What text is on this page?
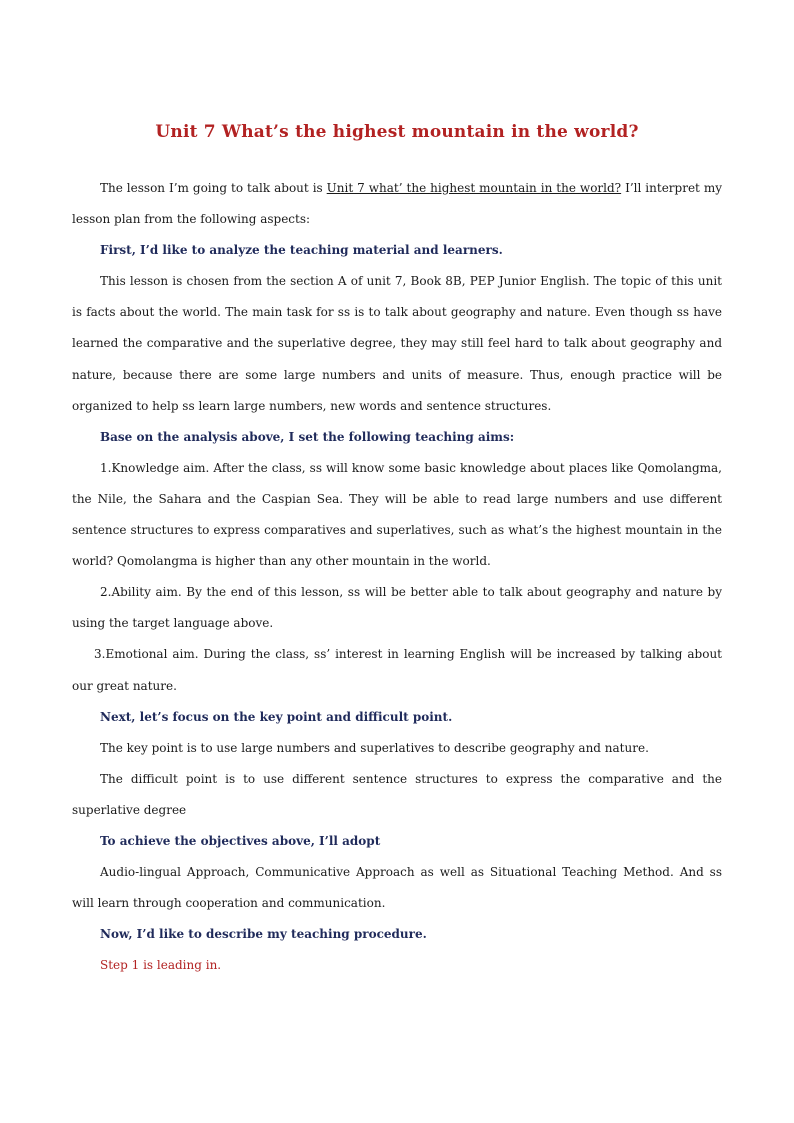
Unit 7 What’s the highest mountain in the world?

The lesson I’m going to talk about is Unit 7 what’ the highest mountain in the world? I’ll interpret my lesson plan from the following aspects:

First, I’d like to analyze the teaching material and learners.

This lesson is chosen from the section A of unit 7, Book 8B, PEP Junior English. The topic of this unit is facts about the world. The main task for ss is to talk about geography and nature. Even though ss have learned the comparative and the superlative degree, they may still feel hard to talk about geography and nature, because there are some large numbers and units of measure. Thus, enough practice will be organized to help ss learn large numbers, new words and sentence structures.

Base on the analysis above, I set the following teaching aims:

1.Knowledge aim. After the class, ss will know some basic knowledge about places like Qomolangma, the Nile, the Sahara and the Caspian Sea. They will be able to read large numbers and use different sentence structures to express comparatives and superlatives, such as what’s the highest mountain in the world? Qomolangma is higher than any other mountain in the world.

2.Ability aim. By the end of this lesson, ss will be better able to talk about geography and nature by using the target language above.

3.Emotional aim. During the class, ss’ interest in learning English will be increased by talking about our great nature.

Next, let’s focus on the key point and difficult point.

The key point is to use large numbers and superlatives to describe geography and nature.

The difficult point is to use different sentence structures to express the comparative and the superlative degree

To achieve the objectives above, I’ll adopt

Audio-lingual Approach, Communicative Approach as well as Situational Teaching Method. And ss will learn through cooperation and communication.

Now, I’d like to describe my teaching procedure.

Step 1 is leading in.
